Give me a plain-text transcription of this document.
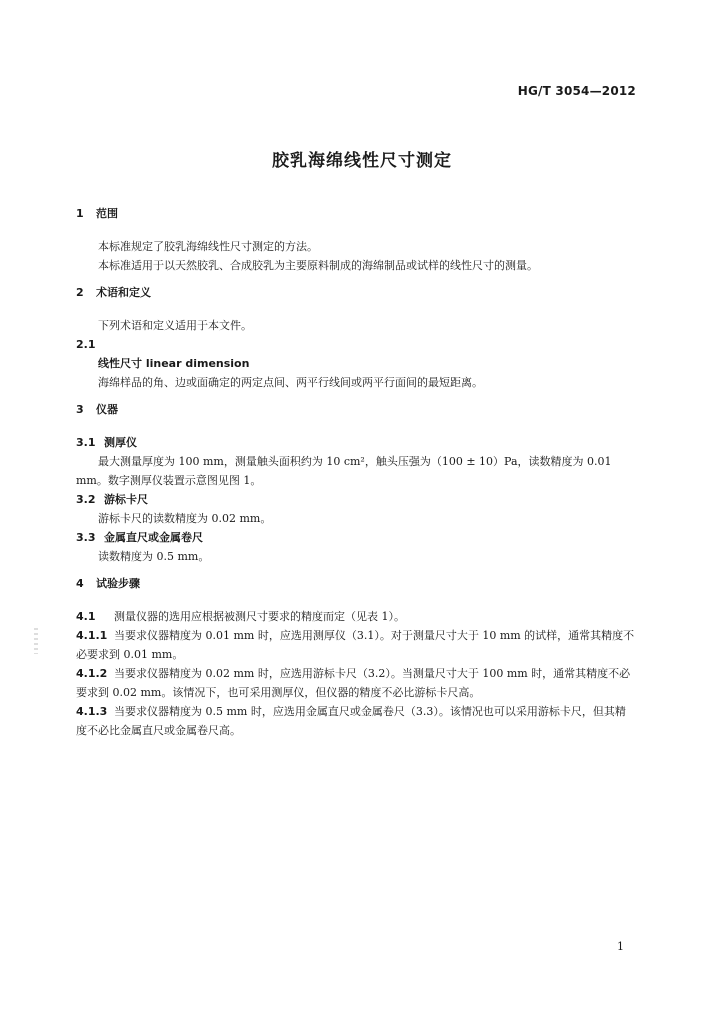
HG/T 3054—2012
胶乳海绵线性尺寸测定

1 范围

本标准规定了胶乳海绵线性尺寸测定的方法。

本标准适用于以天然胶乳、合成胶乳为主要原料制成的海绵制品或试样的线性尺寸的测量。

2 术语和定义

下列术语和定义适用于本文件。

2.1

线性尺寸 linear dimension

海绵样品的角、边或面确定的两定点间、两平行线间或两平行面间的最短距离。

3 仪器

3.1 测厚仪

最大测量厚度为 100 mm，测量触头面积约为 10 cm²，触头压强为（100 ± 10）Pa，读数精度为 0.01 mm。数字测厚仪装置示意图见图 1。

3.2 游标卡尺

游标卡尺的读数精度为 0.02 mm。

3.3 金属直尺或金属卷尺

读数精度为 0.5 mm。

4 试验步骤

4.1 测量仪器的选用应根据被测尺寸要求的精度而定（见表 1）。

4.1.1 当要求仪器精度为 0.01 mm 时，应选用测厚仪（3.1）。对于测量尺寸大于 10 mm 的试样，通常其精度不必要求到 0.01 mm。

4.1.2 当要求仪器精度为 0.02 mm 时，应选用游标卡尺（3.2）。当测量尺寸大于 100 mm 时，通常其精度不必要求到 0.02 mm。该情况下，也可采用测厚仪，但仪器的精度不必比游标卡尺高。

4.1.3 当要求仪器精度为 0.5 mm 时，应选用金属直尺或金属卷尺（3.3）。该情况也可以采用游标卡尺，但其精度不必比金属直尺或金属卷尺高。

1
